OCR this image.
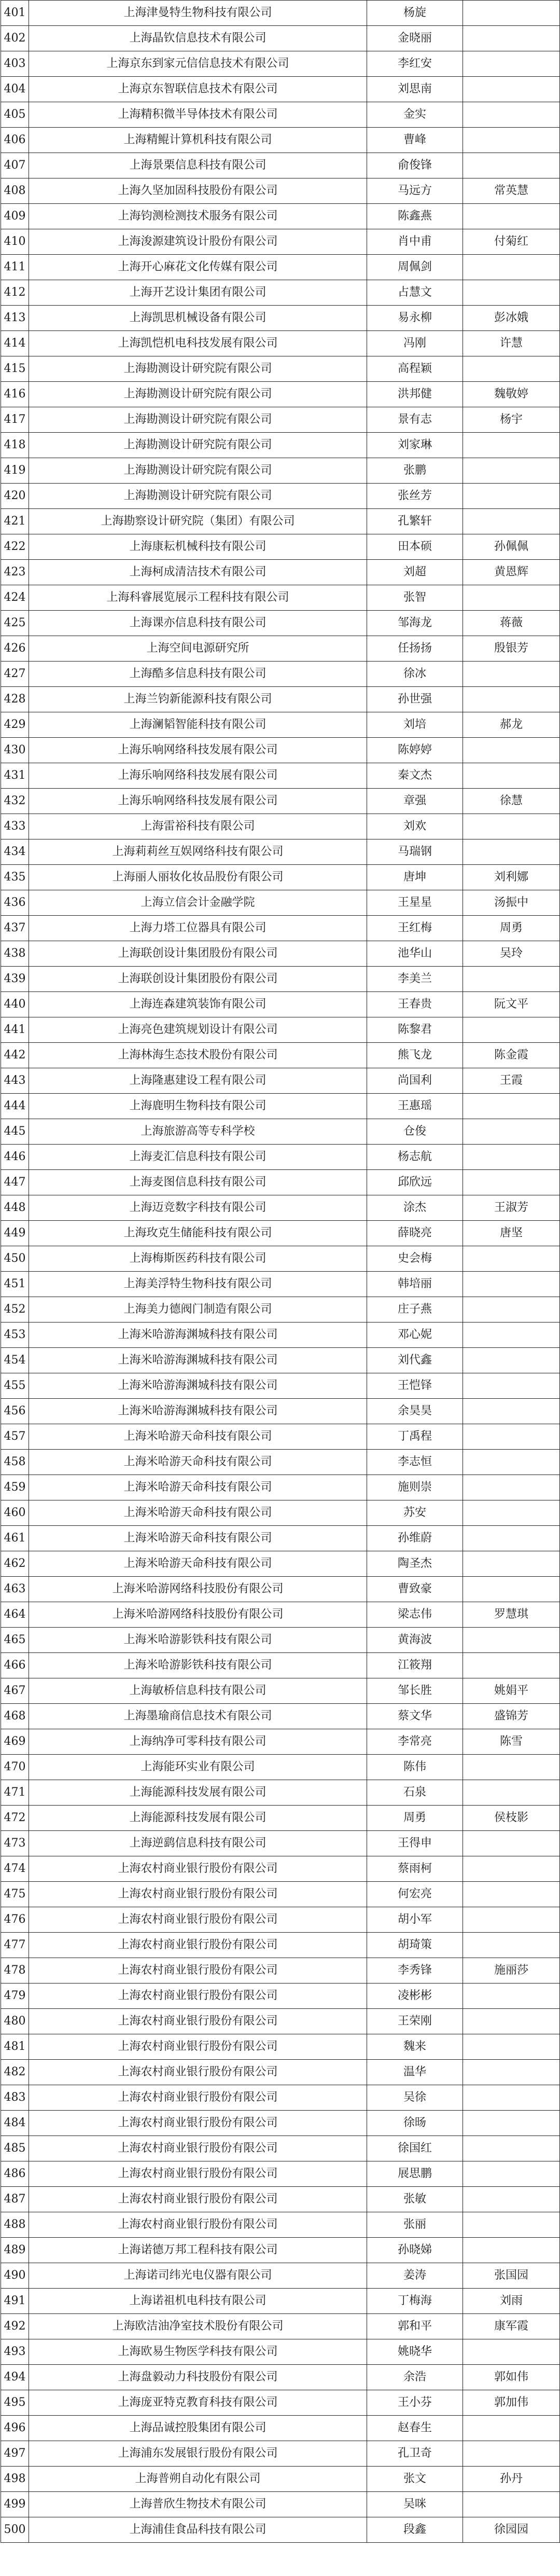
401	上海津曼特生物科技有限公司	杨旋	
402	上海晶钦信息技术有限公司	金晓丽	
403	上海京东到家元信信息技术有限公司	李红安	
404	上海京东智联信息技术有限公司	刘思南	
405	上海精积微半导体技术有限公司	金实	
406	上海精鲲计算机科技有限公司	曹峰	
407	上海景栗信息科技有限公司	俞俊锋	
408	上海久坚加固科技股份有限公司	马远方	常英慧
409	上海钧测检测技术服务有限公司	陈鑫燕	
410	上海浚源建筑设计股份有限公司	肖中甫	付菊红
411	上海开心麻花文化传媒有限公司	周佩剑	
412	上海开艺设计集团有限公司	占慧文	
413	上海凯思机械设备有限公司	易永柳	彭冰娥
414	上海凯恺机电科技发展有限公司	冯刚	许慧
415	上海勘测设计研究院有限公司	高程颖	
416	上海勘测设计研究院有限公司	洪邦健	魏敬婷
417	上海勘测设计研究院有限公司	景有志	杨宇
418	上海勘测设计研究院有限公司	刘家琳	
419	上海勘测设计研究院有限公司	张鹏	
420	上海勘测设计研究院有限公司	张丝芳	
421	上海勘察设计研究院（集团）有限公司	孔繁轩	
422	上海康耘机械科技有限公司	田本硕	孙佩佩
423	上海柯成清洁技术有限公司	刘超	黄恩辉
424	上海科睿展览展示工程科技有限公司	张智	
425	上海课亦信息科技有限公司	邹海龙	蒋薇
426	上海空间电源研究所	任扬扬	殷银芳
427	上海酷多信息科技有限公司	徐冰	
428	上海兰钧新能源科技有限公司	孙世强	
429	上海澜韬智能科技有限公司	刘培	郝龙
430	上海乐响网络科技发展有限公司	陈婷婷	
431	上海乐响网络科技发展有限公司	秦文杰	
432	上海乐响网络科技发展有限公司	章强	徐慧
433	上海雷裕科技有限公司	刘欢	
434	上海莉莉丝互娱网络科技有限公司	马瑞钢	
435	上海丽人丽妆化妆品股份有限公司	唐坤	刘利娜
436	上海立信会计金融学院	王星星	汤振中
437	上海力塔工位器具有限公司	王红梅	周勇
438	上海联创设计集团股份有限公司	池华山	吴玲
439	上海联创设计集团股份有限公司	李美兰	
440	上海连森建筑装饰有限公司	王春贵	阮文平
441	上海亮色建筑规划设计有限公司	陈黎君	
442	上海林海生态技术股份有限公司	熊飞龙	陈金霞
443	上海隆惠建设工程有限公司	尚国利	王霞
444	上海鹿明生物科技有限公司	王惠瑶	
445	上海旅游高等专科学校	仓俊	
446	上海麦汇信息科技有限公司	杨志航	
447	上海麦图信息科技有限公司	邱欣远	
448	上海迈竞数字科技有限公司	涂杰	王淑芳
449	上海玫克生储能科技有限公司	薛晓亮	唐坚
450	上海梅斯医药科技有限公司	史会梅	
451	上海美浮特生物科技有限公司	韩培丽	
452	上海美力德阀门制造有限公司	庄子燕	
453	上海米哈游海渊城科技有限公司	邓心妮	
454	上海米哈游海渊城科技有限公司	刘代鑫	
455	上海米哈游海渊城科技有限公司	王恺铎	
456	上海米哈游海渊城科技有限公司	余昊昊	
457	上海米哈游天命科技有限公司	丁禹程	
458	上海米哈游天命科技有限公司	李志恒	
459	上海米哈游天命科技有限公司	施则崇	
460	上海米哈游天命科技有限公司	苏安	
461	上海米哈游天命科技有限公司	孙维蔚	
462	上海米哈游天命科技有限公司	陶圣杰	
463	上海米哈游网络科技股份有限公司	曹致豪	
464	上海米哈游网络科技股份有限公司	梁志伟	罗慧琪
465	上海米哈游影铁科技有限公司	黄海波	
466	上海米哈游影铁科技有限公司	江筱翔	
467	上海敏桥信息科技有限公司	邹长胜	姚娟平
468	上海墨瑜商信息技术有限公司	蔡文华	盛锦芳
469	上海纳净可零科技有限公司	李常亮	陈雪
470	上海能环实业有限公司	陈伟	
471	上海能源科技发展有限公司	石泉	
472	上海能源科技发展有限公司	周勇	侯枝影
473	上海逆鹞信息科技有限公司	王得申	
474	上海农村商业银行股份有限公司	蔡雨柯	
475	上海农村商业银行股份有限公司	何宏亮	
476	上海农村商业银行股份有限公司	胡小军	
477	上海农村商业银行股份有限公司	胡琦策	
478	上海农村商业银行股份有限公司	李秀锋	施丽莎
479	上海农村商业银行股份有限公司	凌彬彬	
480	上海农村商业银行股份有限公司	王荣刚	
481	上海农村商业银行股份有限公司	魏来	
482	上海农村商业银行股份有限公司	温华	
483	上海农村商业银行股份有限公司	吴徐	
484	上海农村商业银行股份有限公司	徐旸	
485	上海农村商业银行股份有限公司	徐国红	
486	上海农村商业银行股份有限公司	展思鹏	
487	上海农村商业银行股份有限公司	张敏	
488	上海农村商业银行股份有限公司	张丽	
489	上海诺德万邦工程科技有限公司	孙晓娣	
490	上海诺司纬光电仪器有限公司	姜涛	张国园
491	上海诺祖机电科技有限公司	丁梅海	刘雨
492	上海欧洁油净室技术股份有限公司	郭和平	康军霞
493	上海欧易生物医学科技有限公司	姚晓华	
494	上海盘毅动力科技股份有限公司	余浩	郭如伟
495	上海庞亚特克教育科技有限公司	王小芬	郭加伟
496	上海品诚控股集团有限公司	赵春生	
497	上海浦东发展银行股份有限公司	孔卫奇	
498	上海普朔自动化有限公司	张文	孙丹
499	上海普欣生物技术有限公司	吴咪	
500	上海浦佳食品科技有限公司	段鑫	徐园园
